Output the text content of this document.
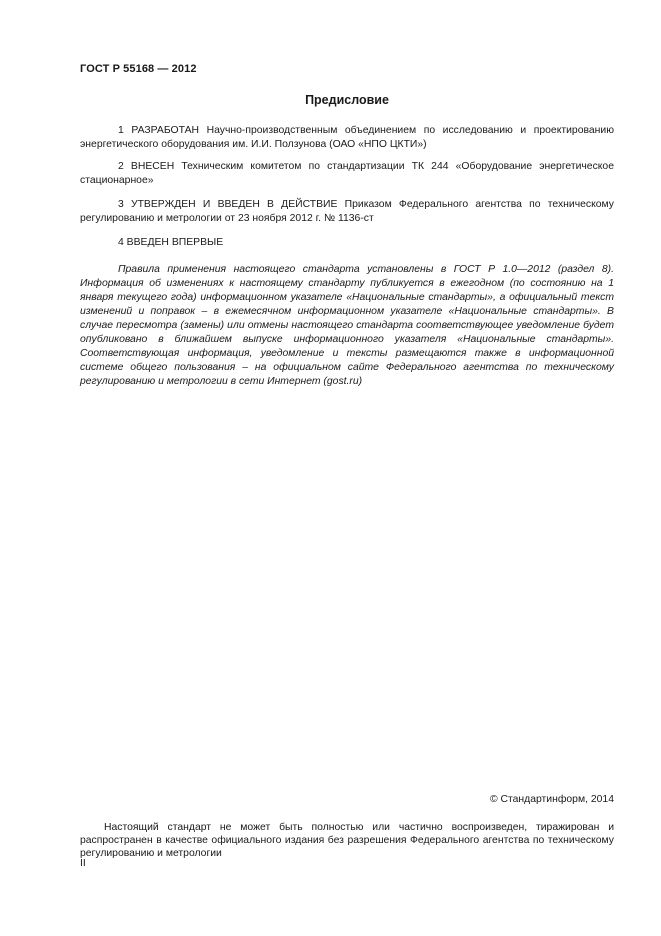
ГОСТ Р 55168 — 2012
Предисловие

1 РАЗРАБОТАН Научно-производственным объединением по исследованию и проектированию энергетического оборудования им. И.И. Ползунова (ОАО «НПО ЦКТИ»)

2 ВНЕСЕН Техническим комитетом по стандартизации ТК 244 «Оборудование энергетическое стационарное»

3 УТВЕРЖДЕН И ВВЕДЕН В ДЕЙСТВИЕ Приказом Федерального агентства по техническому регулированию и метрологии от 23 ноября 2012 г. № 1136-ст

4 ВВЕДЕН ВПЕРВЫЕ

Правила применения настоящего стандарта установлены в ГОСТ Р 1.0—2012 (раздел 8). Информация об изменениях к настоящему стандарту публикуется в ежегодном (по состоянию на 1 января текущего года) информационном указателе «Национальные стандарты», а официальный текст изменений и поправок – в ежемесячном информационном указателе «Национальные стандарты». В случае пересмотра (замены) или отмены настоящего стандарта соответствующее уведомление будет опубликовано в ближайшем выпуске информационного указателя «Национальные стандарты». Соответствующая информация, уведомление и тексты размещаются также в информационной системе общего пользования – на официальном сайте Федерального агентства по техническому регулированию и метрологии в сети Интернет (gost.ru)

© Стандартинформ, 2014

Настоящий стандарт не может быть полностью или частично воспроизведен, тиражирован и распространен в качестве официального издания без разрешения Федерального агентства по техническому регулированию и метрологии

II
